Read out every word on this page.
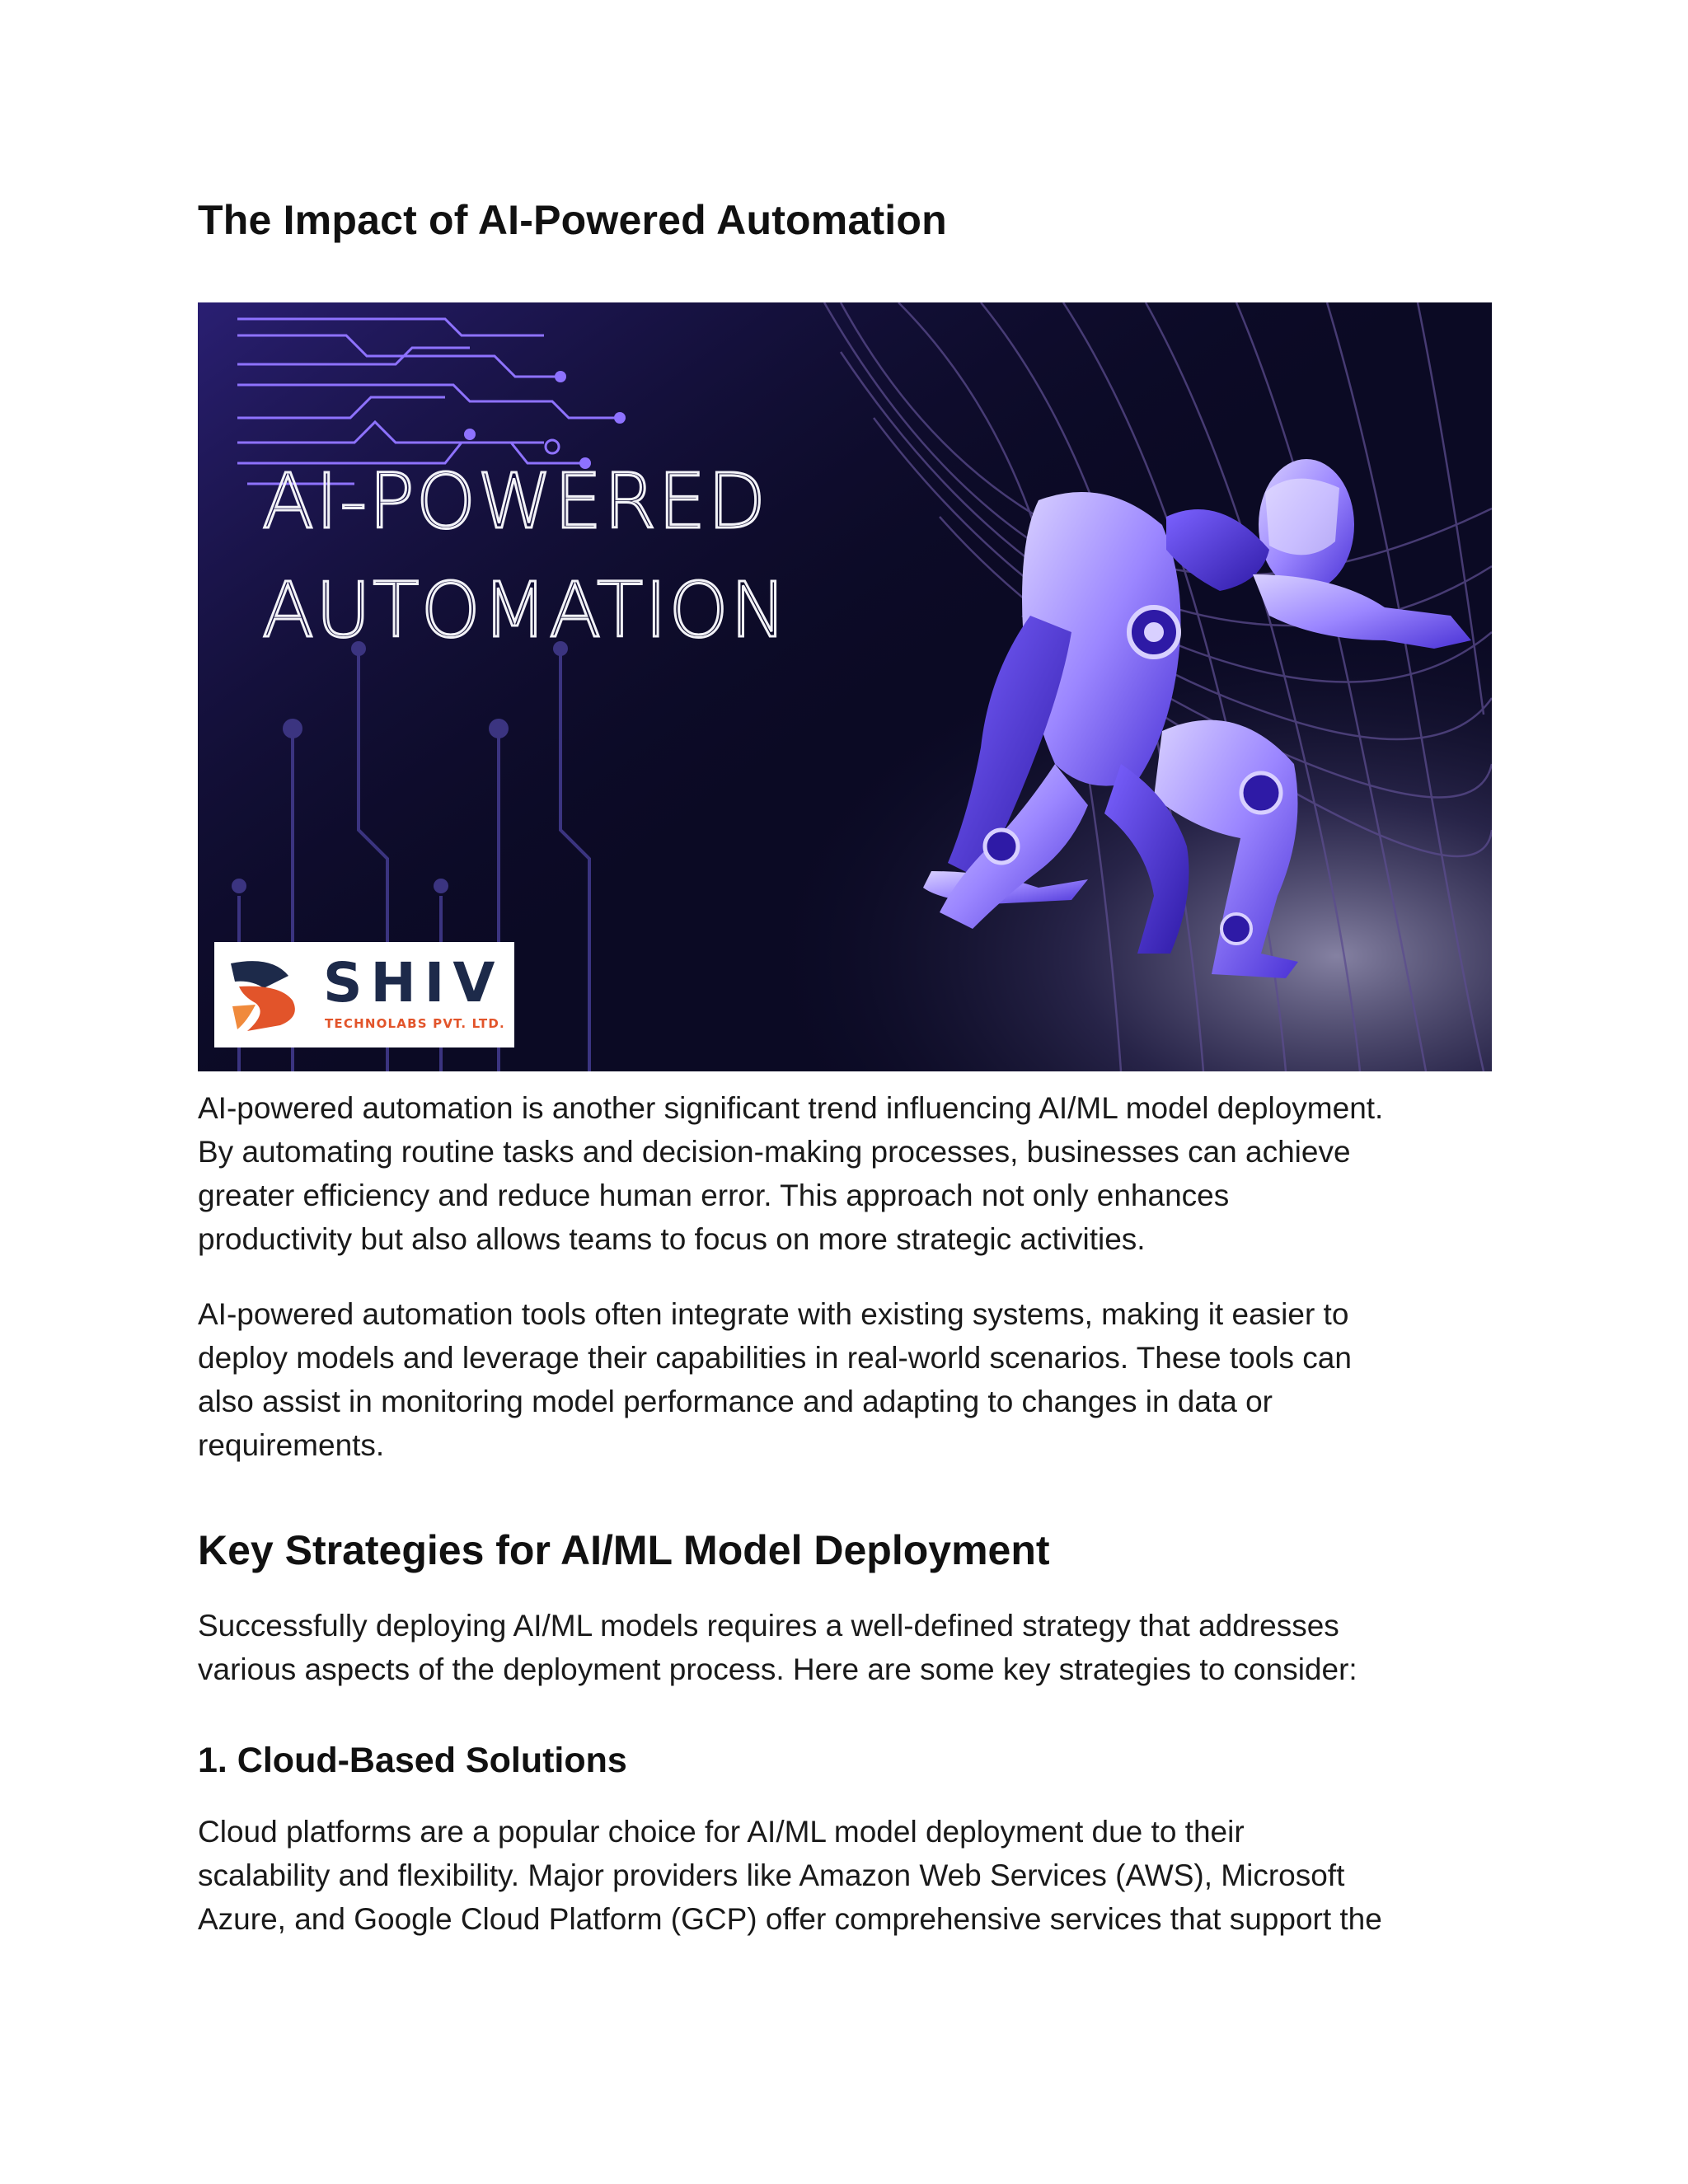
The Impact of AI-Powered Automation
AI-POWERED
AUTOMATION
SHIV
TECHNOLABS PVT. LTD.

AI-powered automation is another significant trend influencing AI/ML model deployment.
By automating routine tasks and decision-making processes, businesses can achieve
greater efficiency and reduce human error. This approach not only enhances
productivity but also allows teams to focus on more strategic activities.

AI-powered automation tools often integrate with existing systems, making it easier to
deploy models and leverage their capabilities in real-world scenarios. These tools can
also assist in monitoring model performance and adapting to changes in data or
requirements.

Key Strategies for AI/ML Model Deployment

Successfully deploying AI/ML models requires a well-defined strategy that addresses
various aspects of the deployment process. Here are some key strategies to consider:

1. Cloud-Based Solutions

Cloud platforms are a popular choice for AI/ML model deployment due to their
scalability and flexibility. Major providers like Amazon Web Services (AWS), Microsoft
Azure, and Google Cloud Platform (GCP) offer comprehensive services that support the
